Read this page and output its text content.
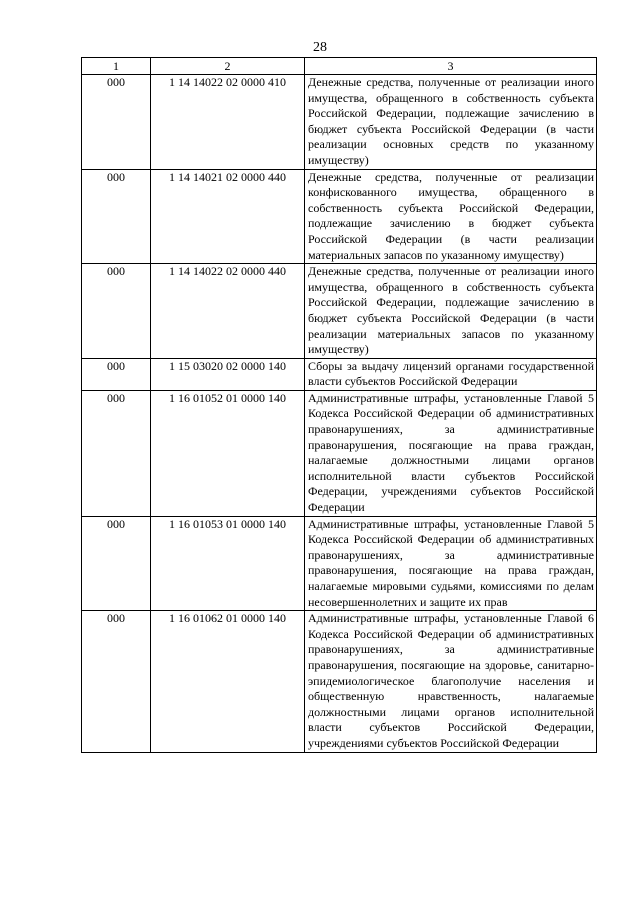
28
1	2	3
000	1 14 14022 02 0000 410	Денежные средства, полученные от реализации иного имущества, обращенного в собственность субъекта Российской Федерации, подлежащие зачислению в бюджет субъекта Российской Федерации (в части реализации основных средств по указанному имуществу)
000	1 14 14021 02 0000 440	Денежные средства, полученные от реализации конфискованного имущества, обращенного в собственность субъекта Российской Федерации, подлежащие зачислению в бюджет субъекта Российской Федерации (в части реализации материальных запасов по указанному имуществу)
000	1 14 14022 02 0000 440	Денежные средства, полученные от реализации иного имущества, обращенного в собственность субъекта Российской Федерации, подлежащие зачислению в бюджет субъекта Российской Федерации (в части реализации материальных запасов по указанному имуществу)
000	1 15 03020 02 0000 140	Сборы за выдачу лицензий органами государственной власти субъектов Российской Федерации
000	1 16 01052 01 0000 140	Административные штрафы, установленные Главой 5 Кодекса Российской Федерации об административных правонарушениях, за административные правонарушения, посягающие на права граждан, налагаемые должностными лицами органов исполнительной власти субъектов Российской Федерации, учреждениями субъектов Российской Федерации
000	1 16 01053 01 0000 140	Административные штрафы, установленные Главой 5 Кодекса Российской Федерации об административных правонарушениях, за административные правонарушения, посягающие на права граждан, налагаемые мировыми судьями, комиссиями по делам несовершеннолетних и защите их прав
000	1 16 01062 01 0000 140	Административные штрафы, установленные Главой 6 Кодекса Российской Федерации об административных правонарушениях, за административные правонарушения, посягающие на здоровье, санитарно-эпидемиологическое благополучие населения и общественную нравственность, налагаемые должностными лицами органов исполнительной власти субъектов Российской Федерации, учреждениями субъектов Российской Федерации
